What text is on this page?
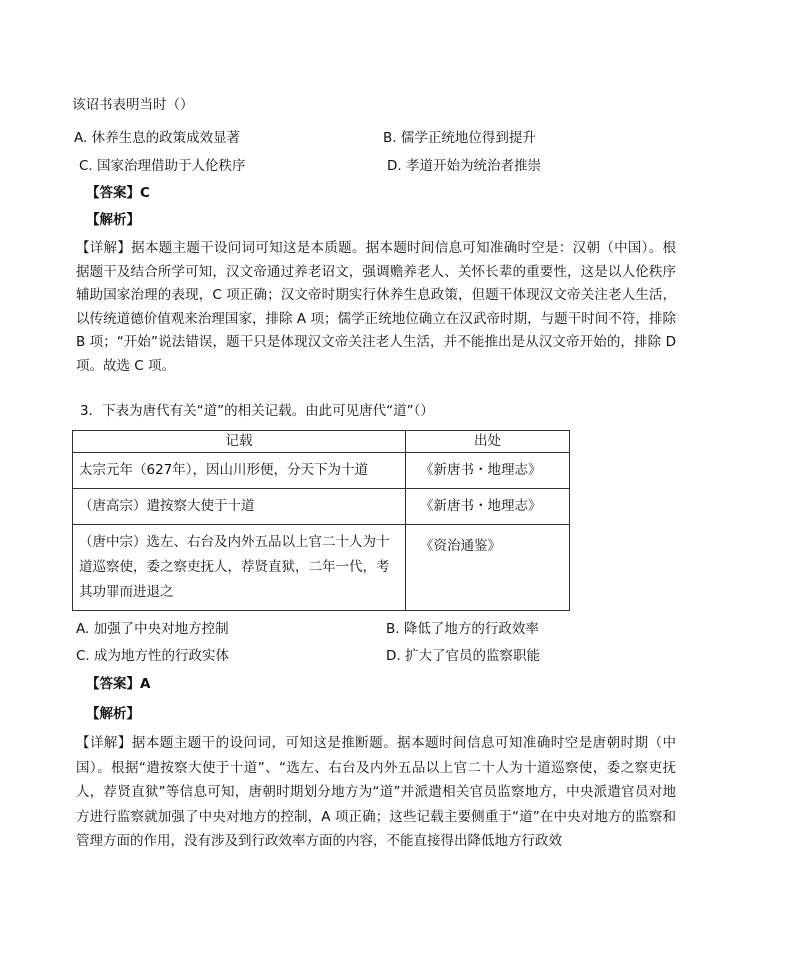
该诏书表明当时（）
A. 休养生息的政策成效显著	B. 儒学正统地位得到提升
C. 国家治理借助于人伦秩序	D. 孝道开始为统治者推崇
【答案】C
【解析】

【详解】据本题主题干设问词可知这是本质题。据本题时间信息可知准确时空是：汉朝（中国）。根据题干及结合所学可知，汉文帝通过养老诏文，强调赡养老人、关怀长辈的重要性，这是以人伦秩序辅助国家治理的表现，C 项正确；汉文帝时期实行休养生息政策，但题干体现汉文帝关注老人生活，以传统道德价值观来治理国家，排除 A 项；儒学正统地位确立在汉武帝时期，与题干时间不符，排除 B 项；“开始”说法错误，题干只是体现汉文帝关注老人生活，并不能推出是从汉文帝开始的，排除 D 项。故选 C 项。

3．下表为唐代有关“道”的相关记载。由此可见唐代“道”（）
记载	出处
太宗元年（627年），因山川形便，分天下为十道	《新唐书・地理志》
（唐高宗）遣按察大使于十道	《新唐书・地理志》
（唐中宗）选左、右台及内外五品以上官二十人为十道巡察使，委之察吏抚人，荐贤直狱，二年一代，考其功罪而进退之	《资治通鉴》
A. 加强了中央对地方控制	B. 降低了地方的行政效率
C. 成为地方性的行政实体	D. 扩大了官员的监察职能
【答案】A
【解析】

【详解】据本题主题干的设问词，可知这是推断题。据本题时间信息可知准确时空是唐朝时期（中国）。根据“遣按察大使于十道”、“选左、右台及内外五品以上官二十人为十道巡察使，委之察吏抚人，荐贤直狱”等信息可知，唐朝时期划分地方为“道”并派遣相关官员监察地方，中央派遣官员对地方进行监察就加强了中央对地方的控制，A 项正确；这些记载主要侧重于“道”在中央对地方的监察和管理方面的作用，没有涉及到行政效率方面的内容，不能直接得出降低地方行政效
